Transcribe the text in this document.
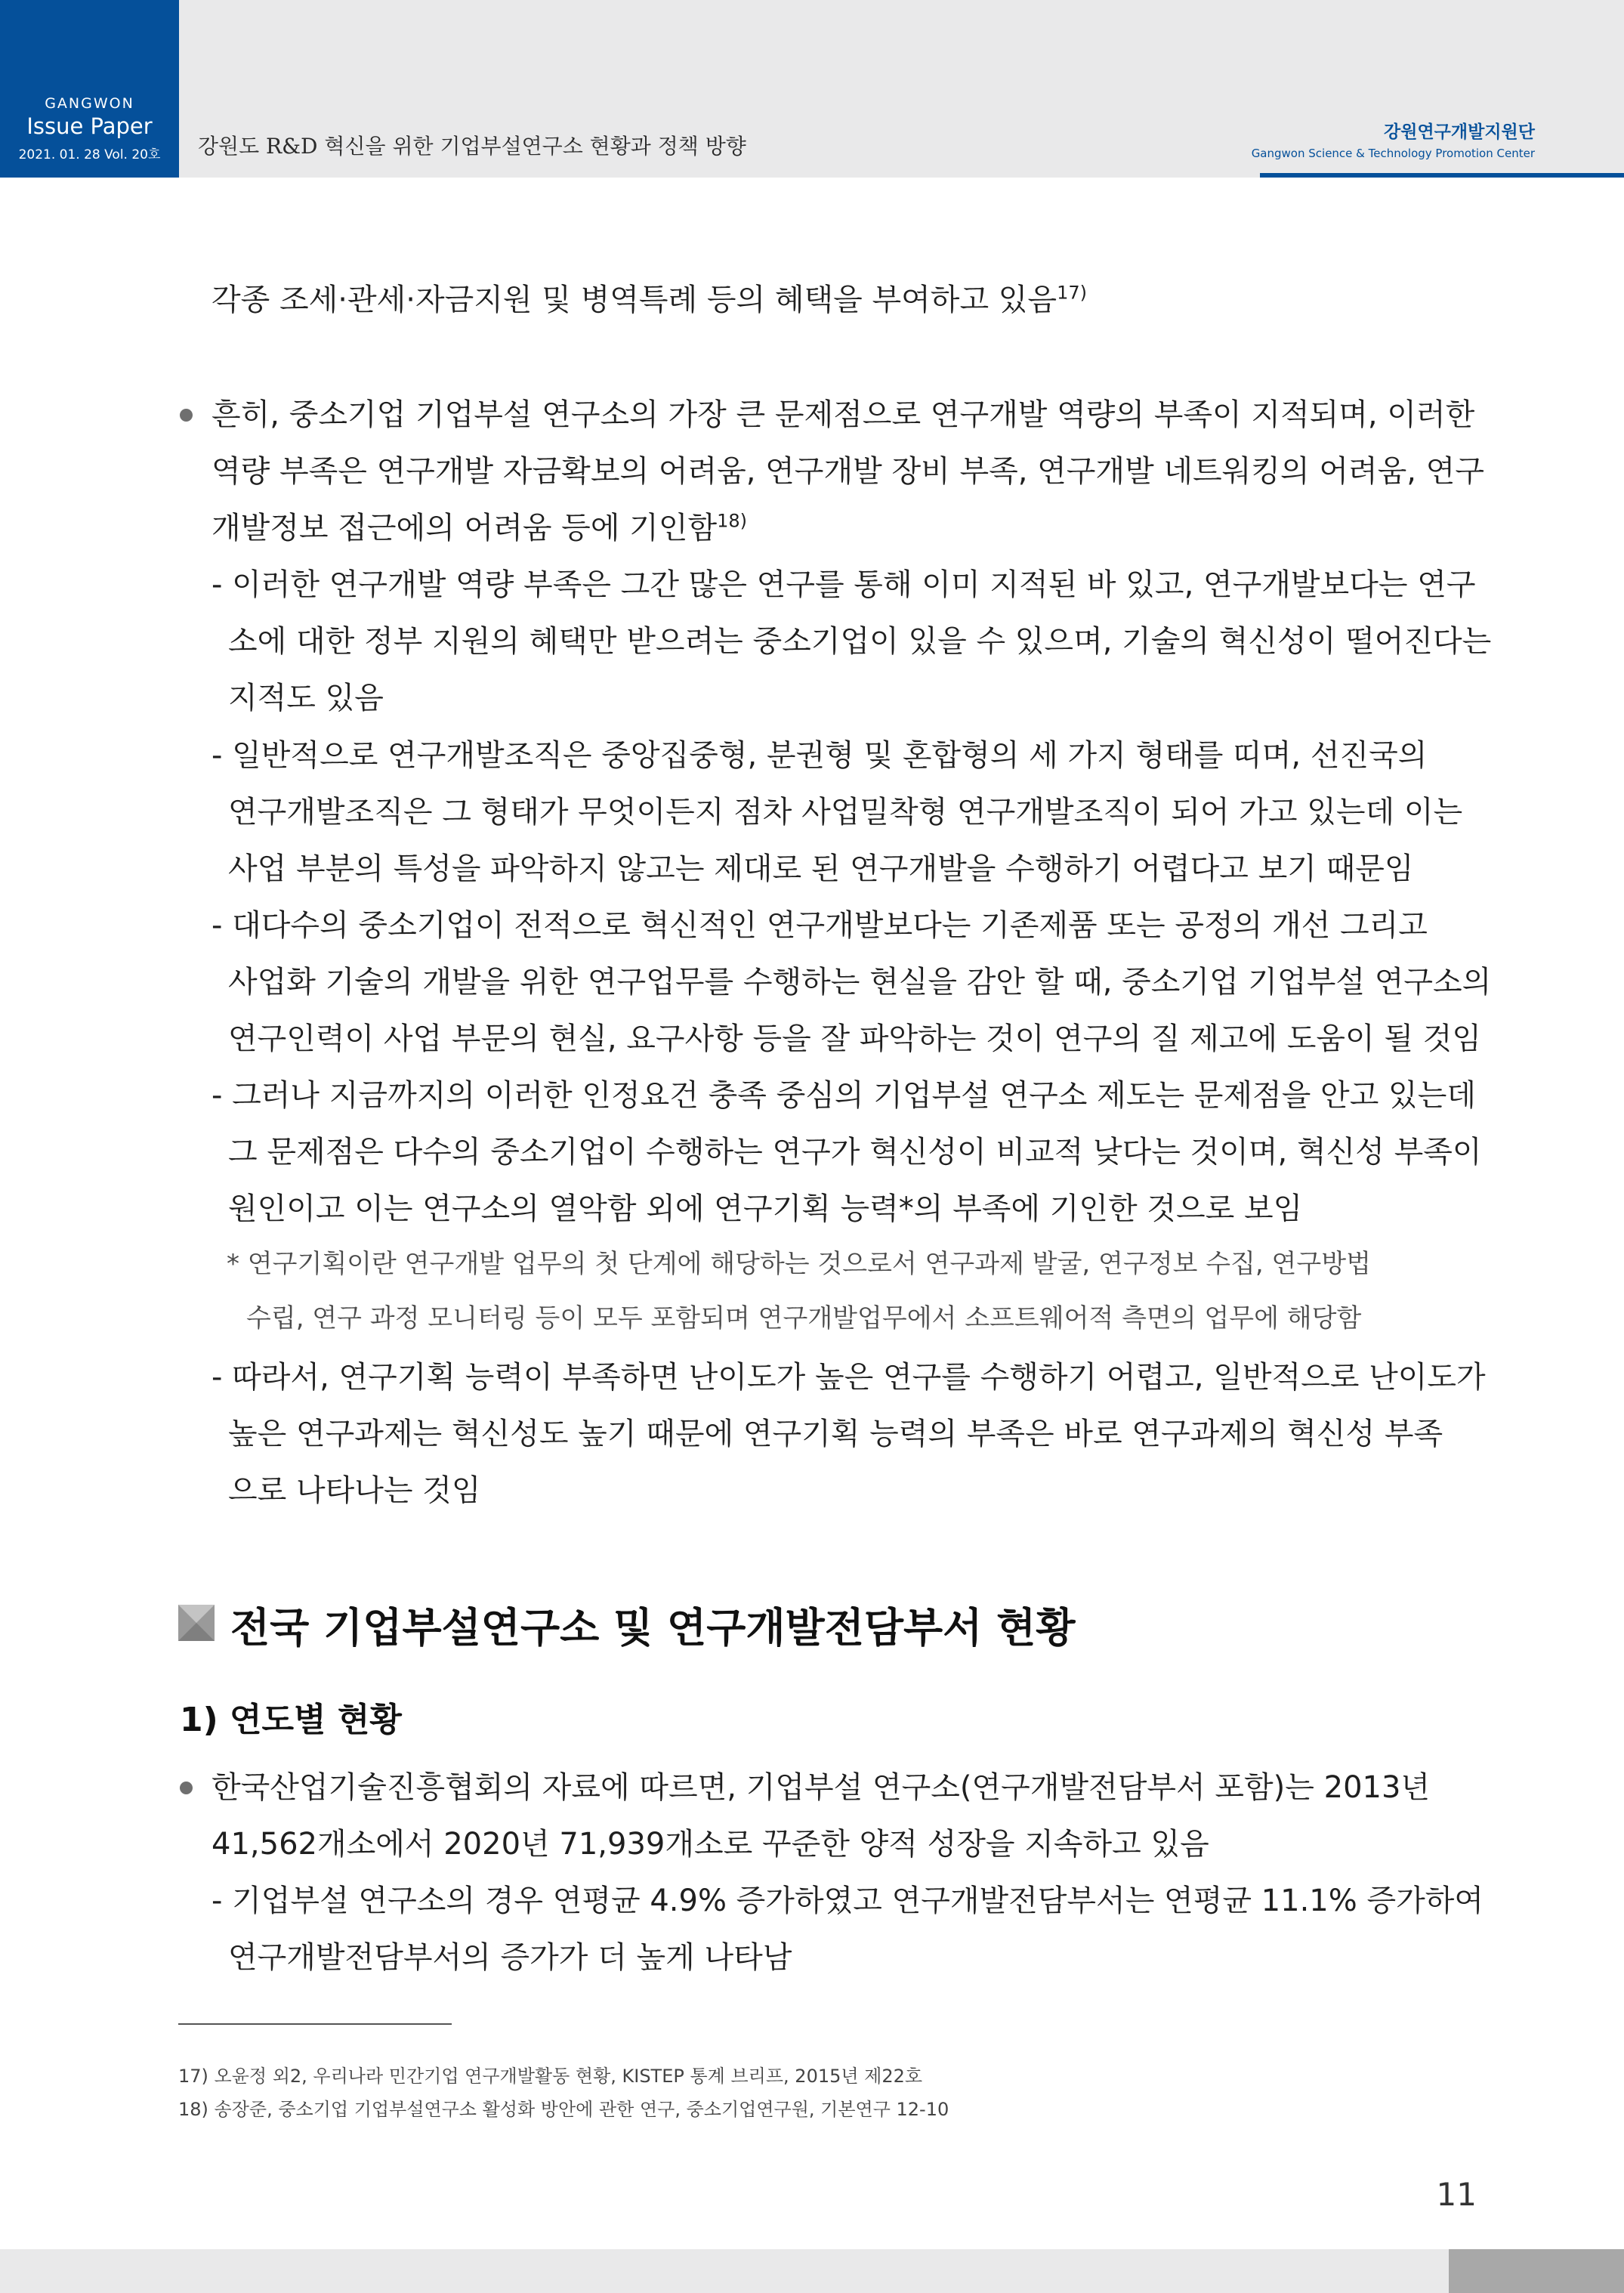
GANGWON
Issue Paper
2021. 01. 28 Vol. 20호	강원도 R&D 혁신을 위한 기업부설연구소 현황과 정책 방향
강원연구개발지원단
Gangwon Science & Technology Promotion Center
각종 조세·관세·자금지원 및 병역특례 등의 혜택을 부여하고 있음$^{17)}$
흔히, 중소기업 기업부설 연구소의 가장 큰 문제점으로 연구개발 역량의 부족이 지적되며, 이러한
역량 부족은 연구개발 자금확보의 어려움, 연구개발 장비 부족, 연구개발 네트워킹의 어려움, 연구
개발정보 접근에의 어려움 등에 기인함$^{18)}$
- 이러한 연구개발 역량 부족은 그간 많은 연구를 통해 이미 지적된 바 있고, 연구개발보다는 연구
소에 대한 정부 지원의 혜택만 받으려는 중소기업이 있을 수 있으며, 기술의 혁신성이 떨어진다는
지적도 있음
- 일반적으로 연구개발조직은 중앙집중형, 분권형 및 혼합형의 세 가지 형태를 띠며, 선진국의
연구개발조직은 그 형태가 무엇이든지 점차 사업밀착형 연구개발조직이 되어 가고 있는데 이는
사업 부분의 특성을 파악하지 않고는 제대로 된 연구개발을 수행하기 어렵다고 보기 때문임
- 대다수의 중소기업이 전적으로 혁신적인 연구개발보다는 기존제품 또는 공정의 개선 그리고
사업화 기술의 개발을 위한 연구업무를 수행하는 현실을 감안 할 때, 중소기업 기업부설 연구소의
연구인력이 사업 부문의 현실, 요구사항 등을 잘 파악하는 것이 연구의 질 제고에 도움이 될 것임
- 그러나 지금까지의 이러한 인정요건 충족 중심의 기업부설 연구소 제도는 문제점을 안고 있는데
그 문제점은 다수의 중소기업이 수행하는 연구가 혁신성이 비교적 낮다는 것이며, 혁신성 부족이
원인이고 이는 연구소의 열악함 외에 연구기획 능력*의 부족에 기인한 것으로 보임
* 연구기획이란 연구개발 업무의 첫 단계에 해당하는 것으로서 연구과제 발굴, 연구정보 수집, 연구방법
수립, 연구 과정 모니터링 등이 모두 포함되며 연구개발업무에서 소프트웨어적 측면의 업무에 해당함
- 따라서, 연구기획 능력이 부족하면 난이도가 높은 연구를 수행하기 어렵고, 일반적으로 난이도가
높은 연구과제는 혁신성도 높기 때문에 연구기획 능력의 부족은 바로 연구과제의 혁신성 부족
으로 나타나는 것임
전국 기업부설연구소 및 연구개발전담부서 현황
1) 연도별 현황
한국산업기술진흥협회의 자료에 따르면, 기업부설 연구소(연구개발전담부서 포함)는 2013년
41,562개소에서 2020년 71,939개소로 꾸준한 양적 성장을 지속하고 있음
- 기업부설 연구소의 경우 연평균 4.9% 증가하였고 연구개발전담부서는 연평균 11.1% 증가하여
연구개발전담부서의 증가가 더 높게 나타남
17) 오윤정 외2, 우리나라 민간기업 연구개발활동 현황, KISTEP 통계 브리프, 2015년 제22호
18) 송장준, 중소기업 기업부설연구소 활성화 방안에 관한 연구, 중소기업연구원, 기본연구 12-10
11
